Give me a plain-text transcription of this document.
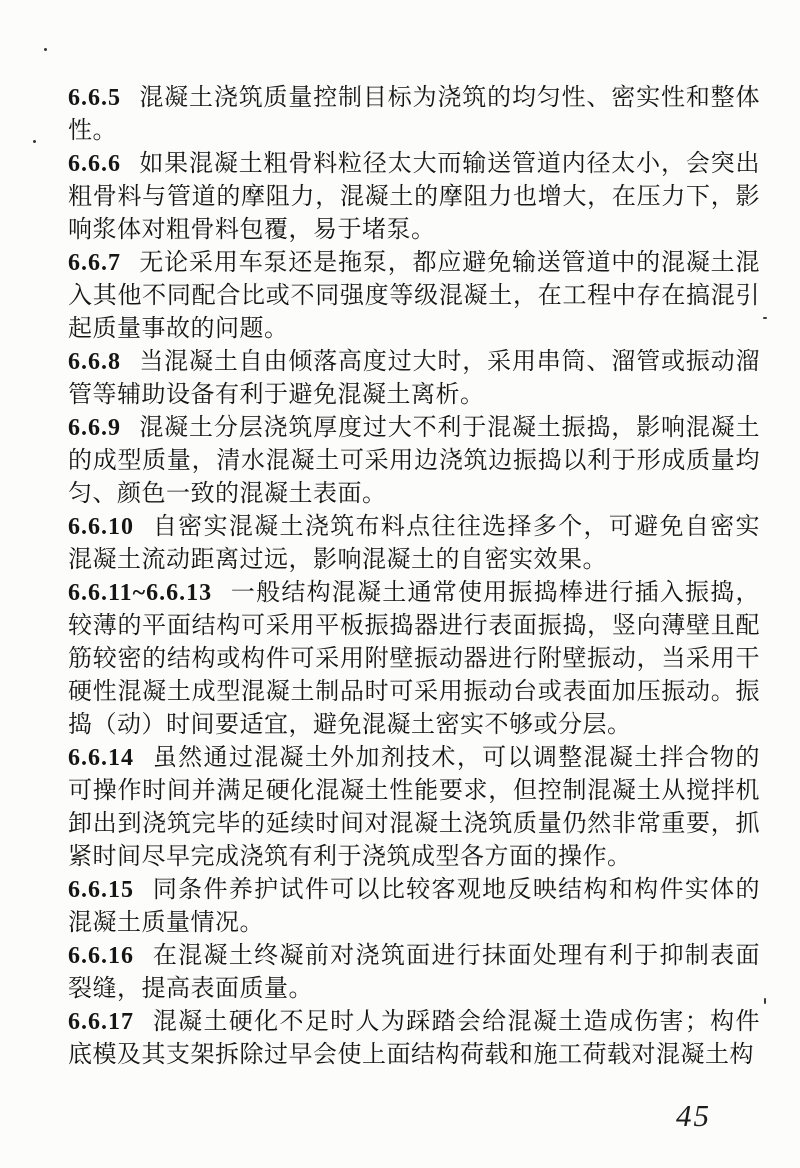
6.6.5 混凝土浇筑质量控制目标为浇筑的均匀性、密实性和整体性。

6.6.6 如果混凝土粗骨料粒径太大而输送管道内径太小，会突出粗骨料与管道的摩阻力，混凝土的摩阻力也增大，在压力下，影响浆体对粗骨料包覆，易于堵泵。

6.6.7 无论采用车泵还是拖泵，都应避免输送管道中的混凝土混入其他不同配合比或不同强度等级混凝土，在工程中存在搞混引起质量事故的问题。

6.6.8 当混凝土自由倾落高度过大时，采用串筒、溜管或振动溜管等辅助设备有利于避免混凝土离析。

6.6.9 混凝土分层浇筑厚度过大不利于混凝土振捣，影响混凝土的成型质量，清水混凝土可采用边浇筑边振捣以利于形成质量均匀、颜色一致的混凝土表面。

6.6.10 自密实混凝土浇筑布料点往往选择多个，可避免自密实混凝土流动距离过远，影响混凝土的自密实效果。

6.6.11~6.6.13 一般结构混凝土通常使用振捣棒进行插入振捣，较薄的平面结构可采用平板振捣器进行表面振捣，竖向薄壁且配筋较密的结构或构件可采用附壁振动器进行附壁振动，当采用干硬性混凝土成型混凝土制品时可采用振动台或表面加压振动。振捣（动）时间要适宜，避免混凝土密实不够或分层。

6.6.14 虽然通过混凝土外加剂技术，可以调整混凝土拌合物的可操作时间并满足硬化混凝土性能要求，但控制混凝土从搅拌机卸出到浇筑完毕的延续时间对混凝土浇筑质量仍然非常重要，抓紧时间尽早完成浇筑有利于浇筑成型各方面的操作。

6.6.15 同条件养护试件可以比较客观地反映结构和构件实体的混凝土质量情况。

6.6.16 在混凝土终凝前对浇筑面进行抹面处理有利于抑制表面裂缝，提高表面质量。

6.6.17 混凝土硬化不足时人为踩踏会给混凝土造成伤害；构件底模及其支架拆除过早会使上面结构荷载和施工荷载对混凝土构

45
